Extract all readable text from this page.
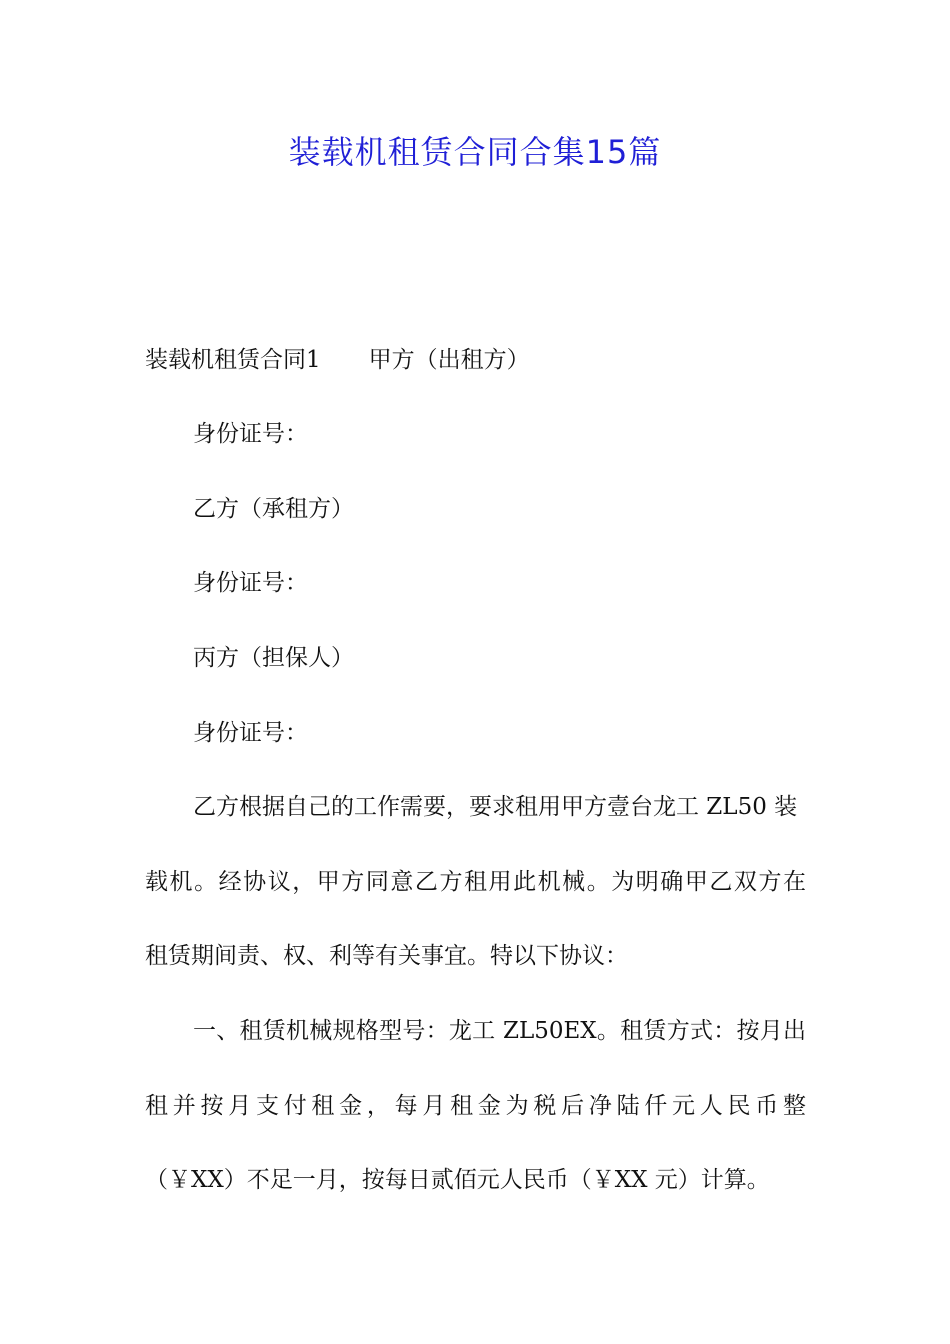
装载机租赁合同合集15篇
装载机租赁合同1 甲方（出租方）
身份证号：
乙方（承租方）
身份证号：
丙方（担保人）
身份证号：
乙方根据自己的工作需要，要求租用甲方壹台龙工 ZL50 装
载机。经协议，甲方同意乙方租用此机械。为明确甲乙双方在
租赁期间责、权、利等有关事宜。特以下协议：
一、租赁机械规格型号：龙工 ZL50EX。租赁方式：按月出
租并按月支付租金，每月租金为税后净陆仟元人民币整
（￥XX）不足一月，按每日贰佰元人民币（￥XX 元）计算。
